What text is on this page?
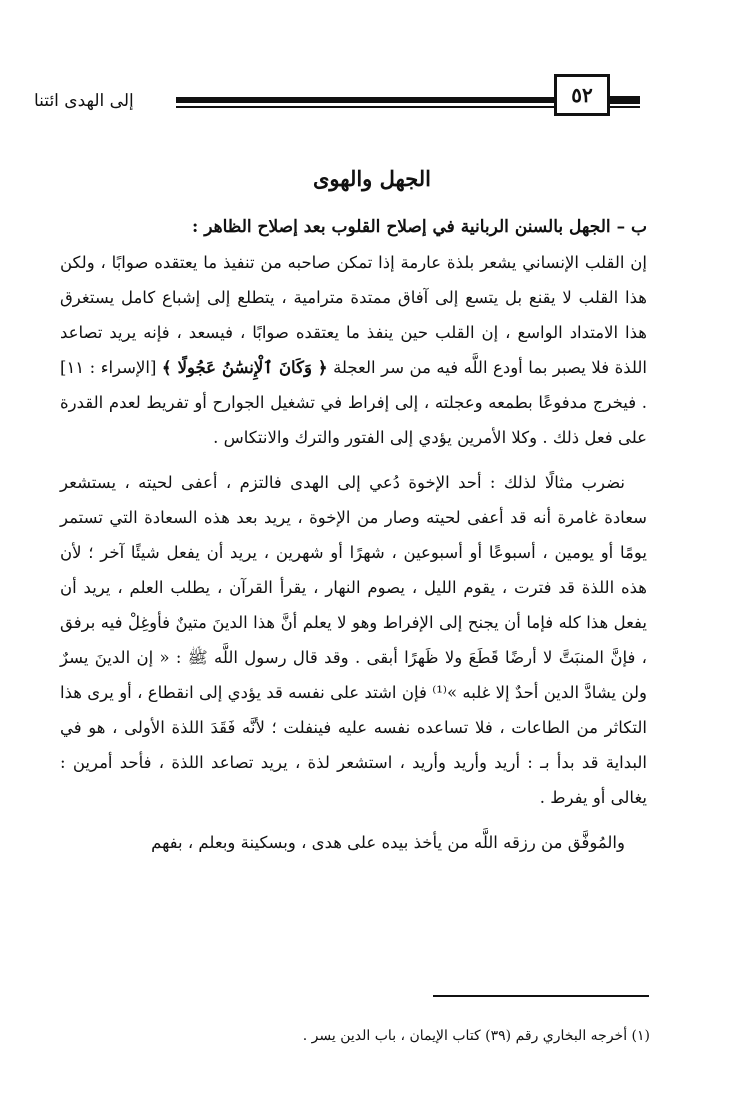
إلى الهدى ائتنا	٥٢
الجهل والهوى

ب – الجهل بالسنن الربانية في إصلاح القلوب بعد إصلاح الظاهر :

إن القلب الإنساني يشعر بلذة عارمة إذا تمكن صاحبه من تنفيذ ما يعتقده صوابًا ، ولكن هذا القلب لا يقنع بل يتسع إلى آفاق ممتدة مترامية ، يتطلع إلى إشباع كامل يستغرق هذا الامتداد الواسع ، إن القلب حين ينفذ ما يعتقده صوابًا ، فيسعد ، فإنه يريد تصاعد اللذة فلا يصبر بما أودع اللَّه فيه من سر العجلة ﴿ وَكَانَ ٱلْإِنسَٰنُ عَجُولًا ﴾ [الإسراء : ١١] . فيخرج مدفوعًا بطمعه وعجلته ، إلى إفراط في تشغيل الجوارح أو تفريط لعدم القدرة على فعل ذلك . وكلا الأمرين يؤدي إلى الفتور والترك والانتكاس .

نضرب مثالًا لذلك : أحد الإخوة دُعي إلى الهدى فالتزم ، أعفى لحيته ، يستشعر سعادة غامرة أنه قد أعفى لحيته وصار من الإخوة ، يريد بعد هذه السعادة التي تستمر يومًا أو يومين ، أسبوعًا أو أسبوعين ، شهرًا أو شهرين ، يريد أن يفعل شيئًا آخر ؛ لأن هذه اللذة قد فترت ، يقوم الليل ، يصوم النهار ، يقرأ القرآن ، يطلب العلم ، يريد أن يفعل هذا كله فإما أن يجنح إلى الإفراط وهو لا يعلم أنَّ هذا الدينَ متينٌ فأوغِلْ فيه برفق ، فإنَّ المنبَتَّ لا أرضًا قَطَعَ ولا ظَهرًا أبقى . وقد قال رسول اللَّه ﷺ : « إن الدينَ يسرٌ ولن يشادَّ الدين أحدٌ إلا غلبه »⁽¹⁾ فإن اشتد على نفسه قد يؤدي إلى انقطاع ، أو يرى هذا التكاثر من الطاعات ، فلا تساعده نفسه عليه فينفلت ؛ لأنَّه فَقَدَ اللذة الأولى ، هو في البداية قد بدأ بـ : أريد وأريد وأريد ، استشعر لذة ، يريد تصاعد اللذة ، فأحد أمرين : يغالى أو يفرط .

والمُوفَّق من رزقه اللَّه من يأخذ بيده على هدى ، وبسكينة وبعلم ، بفهم

(١) أخرجه البخاري رقم (٣٩) كتاب الإيمان ، باب الدين يسر .
